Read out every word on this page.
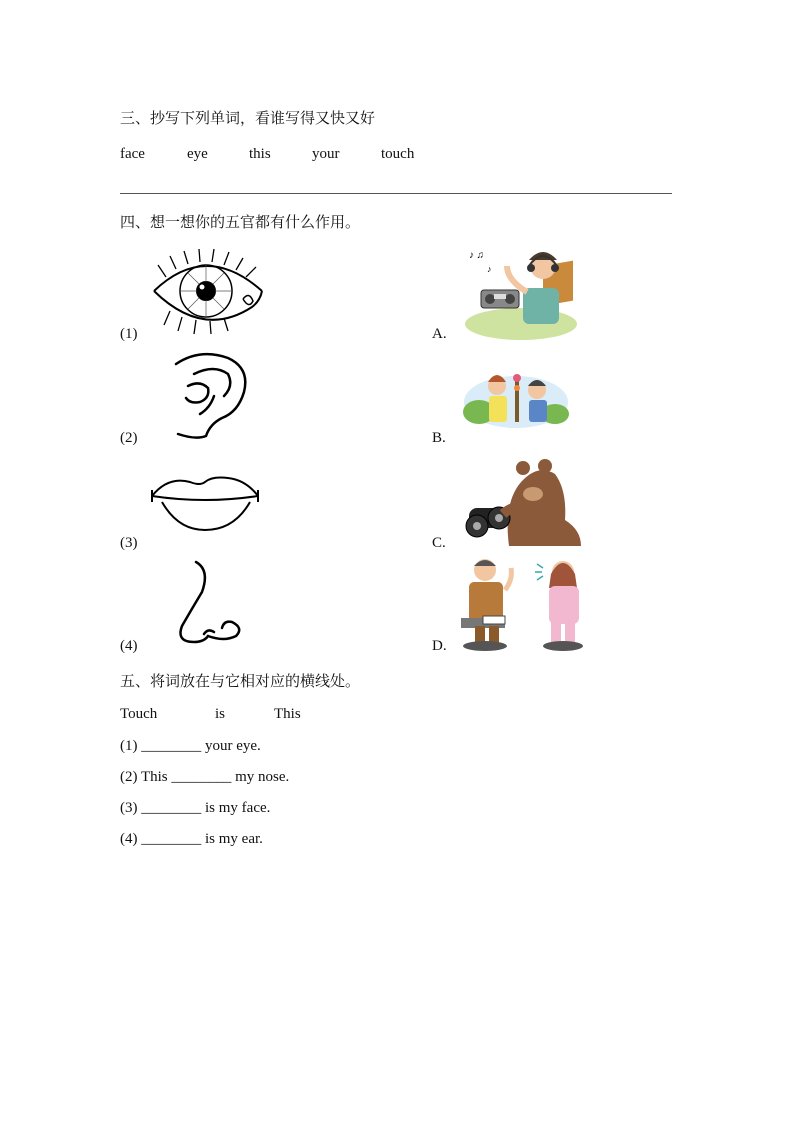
三、抄写下列单词，看谁写得又快又好
face	eye	this	your	touch
四、想一想你的五官都有什么作用。
(1)
(2)
(3)
(4)
A.
B.
C.
D.
♪ ♫
♪
五、将词放在与它相对应的横线处。
Touch	is	This
(1) ________ your eye.
(2) This ________ my nose.
(3) ________ is my face.
(4) ________ is my ear.
